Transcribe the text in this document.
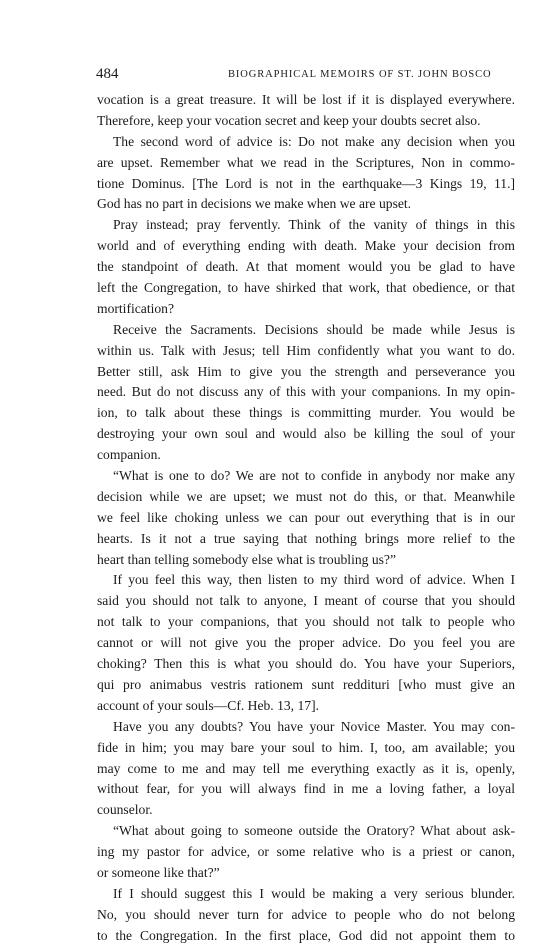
484	BIOGRAPHICAL MEMOIRS OF ST. JOHN BOSCO
vocation is a great treasure. It will be lost if it is displayed everywhere.
Therefore, keep your vocation secret and keep your doubts secret also.
The second word of advice is: Do not make any decision when you
are upset. Remember what we read in the Scriptures, Non in commo-
tione Dominus. [The Lord is not in the earthquake—3 Kings 19, 11.]
God has no part in decisions we make when we are upset.
Pray instead; pray fervently. Think of the vanity of things in this
world and of everything ending with death. Make your decision from
the standpoint of death. At that moment would you be glad to have
left the Congregation, to have shirked that work, that obedience, or that
mortification?
Receive the Sacraments. Decisions should be made while Jesus is
within us. Talk with Jesus; tell Him confidently what you want to do.
Better still, ask Him to give you the strength and perseverance you
need. But do not discuss any of this with your companions. In my opin-
ion, to talk about these things is committing murder. You would be
destroying your own soul and would also be killing the soul of your
companion.
“What is one to do? We are not to confide in anybody nor make any
decision while we are upset; we must not do this, or that. Meanwhile
we feel like choking unless we can pour out everything that is in our
hearts. Is it not a true saying that nothing brings more relief to the
heart than telling somebody else what is troubling us?”
If you feel this way, then listen to my third word of advice. When I
said you should not talk to anyone, I meant of course that you should
not talk to your companions, that you should not talk to people who
cannot or will not give you the proper advice. Do you feel you are
choking? Then this is what you should do. You have your Superiors,
qui pro animabus vestris rationem sunt reddituri [who must give an
account of your souls—Cf. Heb. 13, 17].
Have you any doubts? You have your Novice Master. You may con-
fide in him; you may bare your soul to him. I, too, am available; you
may come to me and may tell me everything exactly as it is, openly,
without fear, for you will always find in me a loving father, a loyal
counselor.
“What about going to someone outside the Oratory? What about ask-
ing my pastor for advice, or some relative who is a priest or canon,
or someone like that?”
If I should suggest this I would be making a very serious blunder.
No, you should never turn for advice to people who do not belong
to the Congregation. In the first place, God did not appoint them to
